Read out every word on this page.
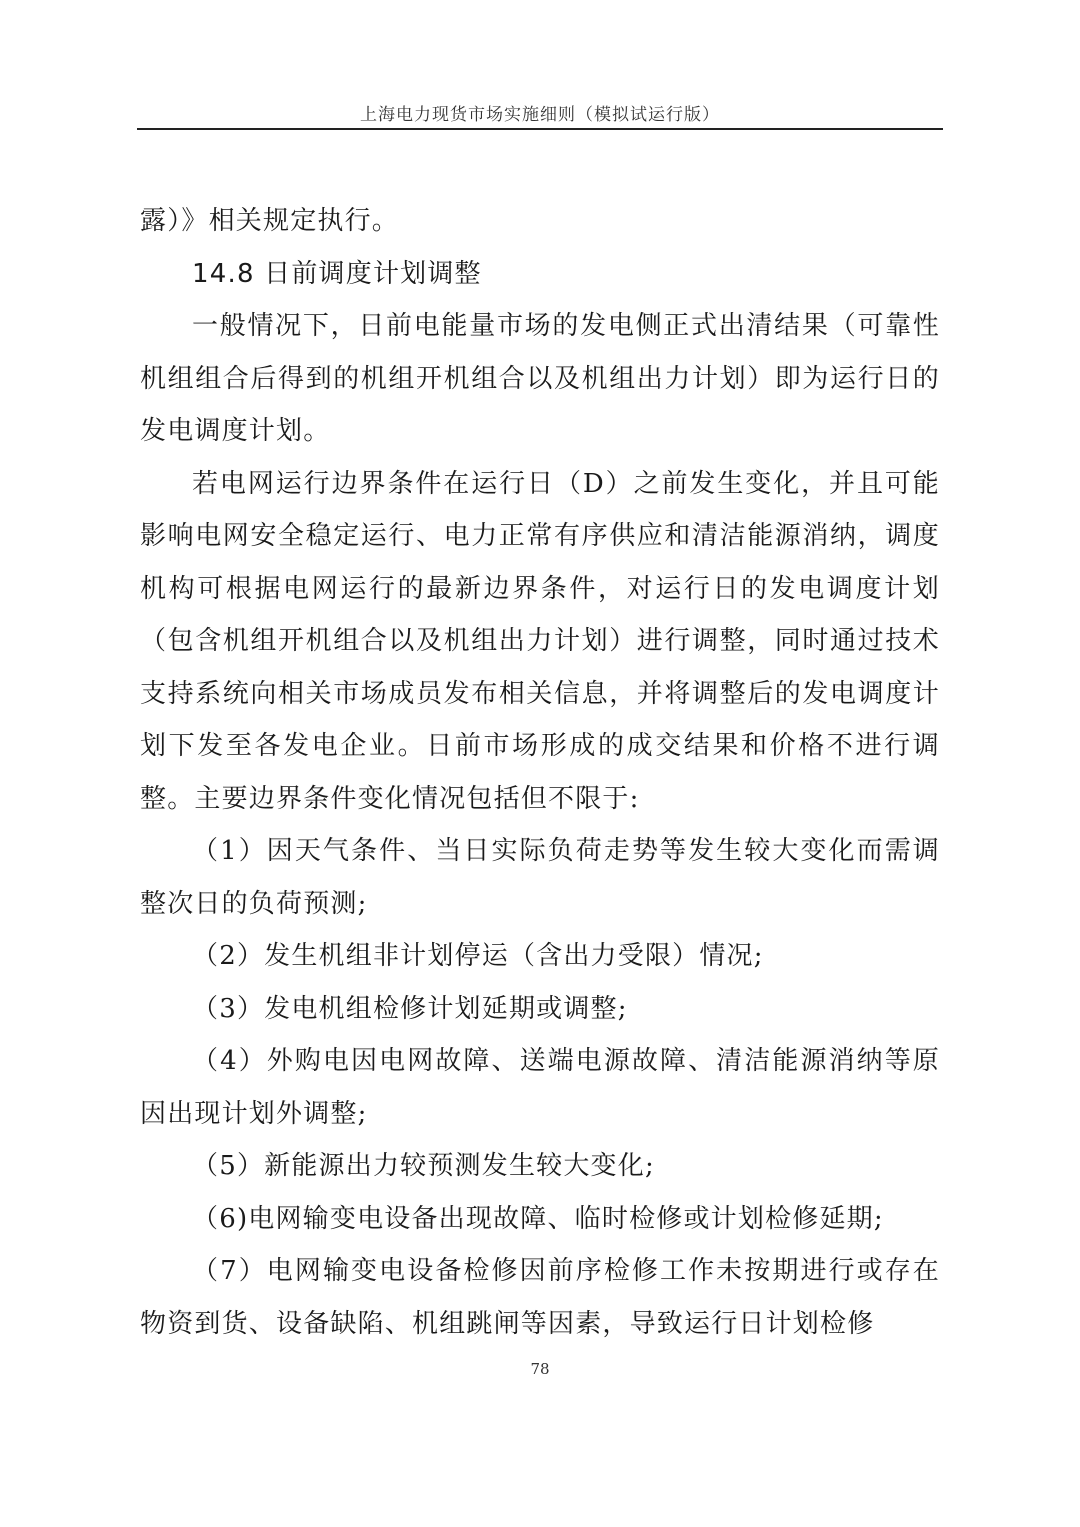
上海电力现货市场实施细则（模拟试运行版）

露）》相关规定执行。

14.8 日前调度计划调整

一般情况下，日前电能量市场的发电侧正式出清结果（可靠性机组组合后得到的机组开机组合以及机组出力计划）即为运行日的发电调度计划。

若电网运行边界条件在运行日（D）之前发生变化，并且可能影响电网安全稳定运行、电力正常有序供应和清洁能源消纳，调度机构可根据电网运行的最新边界条件，对运行日的发电调度计划（包含机组开机组合以及机组出力计划）进行调整，同时通过技术支持系统向相关市场成员发布相关信息，并将调整后的发电调度计划下发至各发电企业。日前市场形成的成交结果和价格不进行调整。主要边界条件变化情况包括但不限于:

（1）因天气条件、当日实际负荷走势等发生较大变化而需调整次日的负荷预测;

（2）发生机组非计划停运（含出力受限）情况;

（3）发电机组检修计划延期或调整;

（4）外购电因电网故障、送端电源故障、清洁能源消纳等原因出现计划外调整;

（5）新能源出力较预测发生较大变化;

（6)电网输变电设备出现故障、临时检修或计划检修延期;

（7）电网输变电设备检修因前序检修工作未按期进行或存在物资到货、设备缺陷、机组跳闸等因素，导致运行日计划检修

78
